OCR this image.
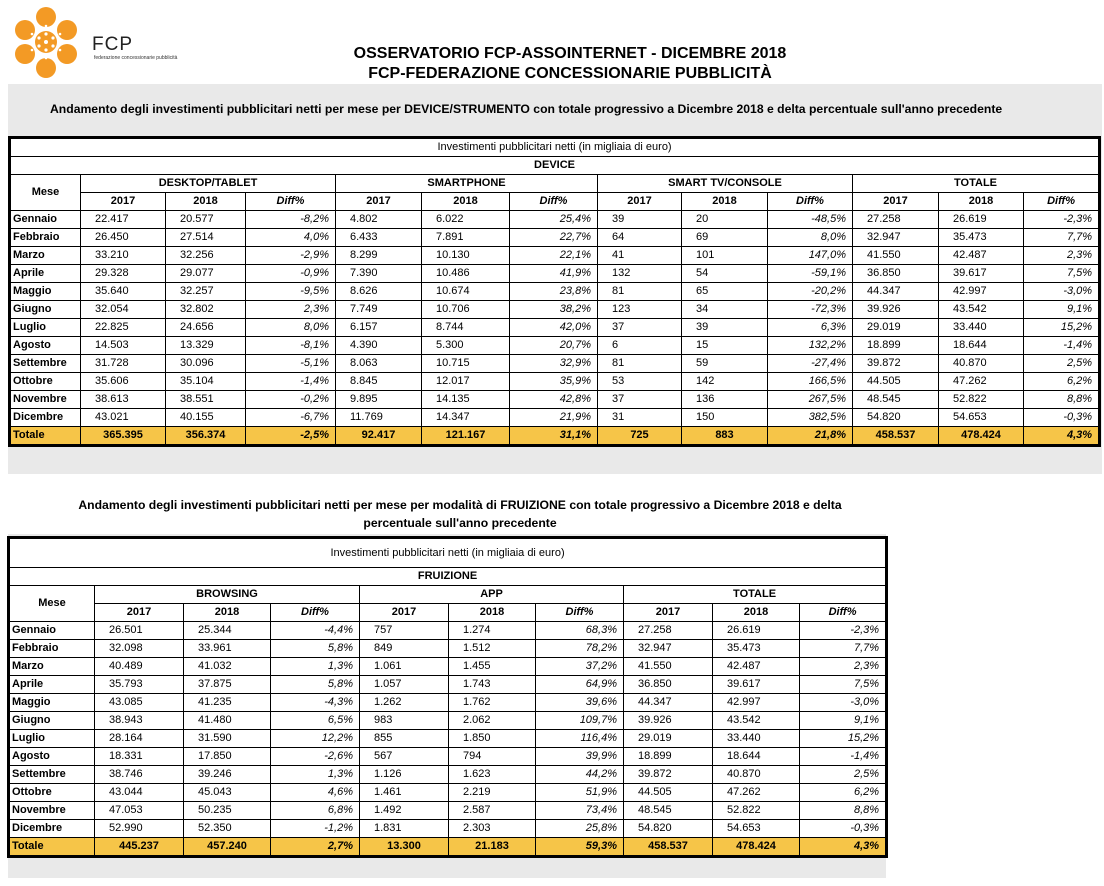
FCP
federazione concessionarie pubblicità	OSSERVATORIO FCP-ASSOINTERNET - DICEMBRE 2018
FCP-FEDERAZIONE CONCESSIONARIE PUBBLICITÀ
Andamento degli investimenti pubblicitari netti per mese per DEVICE/STRUMENTO con totale progressivo a Dicembre 2018 e delta percentuale sull'anno precedente
Investimenti pubblicitari netti (in migliaia di euro)												
DEVICE												
Mese	DESKTOP/TABLET			SMARTPHONE			SMART TV/CONSOLE			TOTALE		
	2017	2018	Diff%	2017	2018	Diff%	2017	2018	Diff%	2017	2018	Diff%
Gennaio	22.417	20.577	-8,2%	4.802	6.022	25,4%	39	20	-48,5%	27.258	26.619	-2,3%
Febbraio	26.450	27.514	4,0%	6.433	7.891	22,7%	64	69	8,0%	32.947	35.473	7,7%
Marzo	33.210	32.256	-2,9%	8.299	10.130	22,1%	41	101	147,0%	41.550	42.487	2,3%
Aprile	29.328	29.077	-0,9%	7.390	10.486	41,9%	132	54	-59,1%	36.850	39.617	7,5%
Maggio	35.640	32.257	-9,5%	8.626	10.674	23,8%	81	65	-20,2%	44.347	42.997	-3,0%
Giugno	32.054	32.802	2,3%	7.749	10.706	38,2%	123	34	-72,3%	39.926	43.542	9,1%
Luglio	22.825	24.656	8,0%	6.157	8.744	42,0%	37	39	6,3%	29.019	33.440	15,2%
Agosto	14.503	13.329	-8,1%	4.390	5.300	20,7%	6	15	132,2%	18.899	18.644	-1,4%
Settembre	31.728	30.096	-5,1%	8.063	10.715	32,9%	81	59	-27,4%	39.872	40.870	2,5%
Ottobre	35.606	35.104	-1,4%	8.845	12.017	35,9%	53	142	166,5%	44.505	47.262	6,2%
Novembre	38.613	38.551	-0,2%	9.895	14.135	42,8%	37	136	267,5%	48.545	52.822	8,8%
Dicembre	43.021	40.155	-6,7%	11.769	14.347	21,9%	31	150	382,5%	54.820	54.653	-0,3%
Totale	365.395	356.374	-2,5%	92.417	121.167	31,1%	725	883	21,8%	458.537	478.424	4,3%
Andamento degli investimenti pubblicitari netti per mese per modalità di FRUIZIONE con totale progressivo a Dicembre 2018 e delta
percentuale sull'anno precedente
Investimenti pubblicitari netti (in migliaia di euro)									
FRUIZIONE									
Mese	BROWSING			APP			TOTALE		
	2017	2018	Diff%	2017	2018	Diff%	2017	2018	Diff%
Gennaio	26.501	25.344	-4,4%	757	1.274	68,3%	27.258	26.619	-2,3%
Febbraio	32.098	33.961	5,8%	849	1.512	78,2%	32.947	35.473	7,7%
Marzo	40.489	41.032	1,3%	1.061	1.455	37,2%	41.550	42.487	2,3%
Aprile	35.793	37.875	5,8%	1.057	1.743	64,9%	36.850	39.617	7,5%
Maggio	43.085	41.235	-4,3%	1.262	1.762	39,6%	44.347	42.997	-3,0%
Giugno	38.943	41.480	6,5%	983	2.062	109,7%	39.926	43.542	9,1%
Luglio	28.164	31.590	12,2%	855	1.850	116,4%	29.019	33.440	15,2%
Agosto	18.331	17.850	-2,6%	567	794	39,9%	18.899	18.644	-1,4%
Settembre	38.746	39.246	1,3%	1.126	1.623	44,2%	39.872	40.870	2,5%
Ottobre	43.044	45.043	4,6%	1.461	2.219	51,9%	44.505	47.262	6,2%
Novembre	47.053	50.235	6,8%	1.492	2.587	73,4%	48.545	52.822	8,8%
Dicembre	52.990	52.350	-1,2%	1.831	2.303	25,8%	54.820	54.653	-0,3%
Totale	445.237	457.240	2,7%	13.300	21.183	59,3%	458.537	478.424	4,3%
